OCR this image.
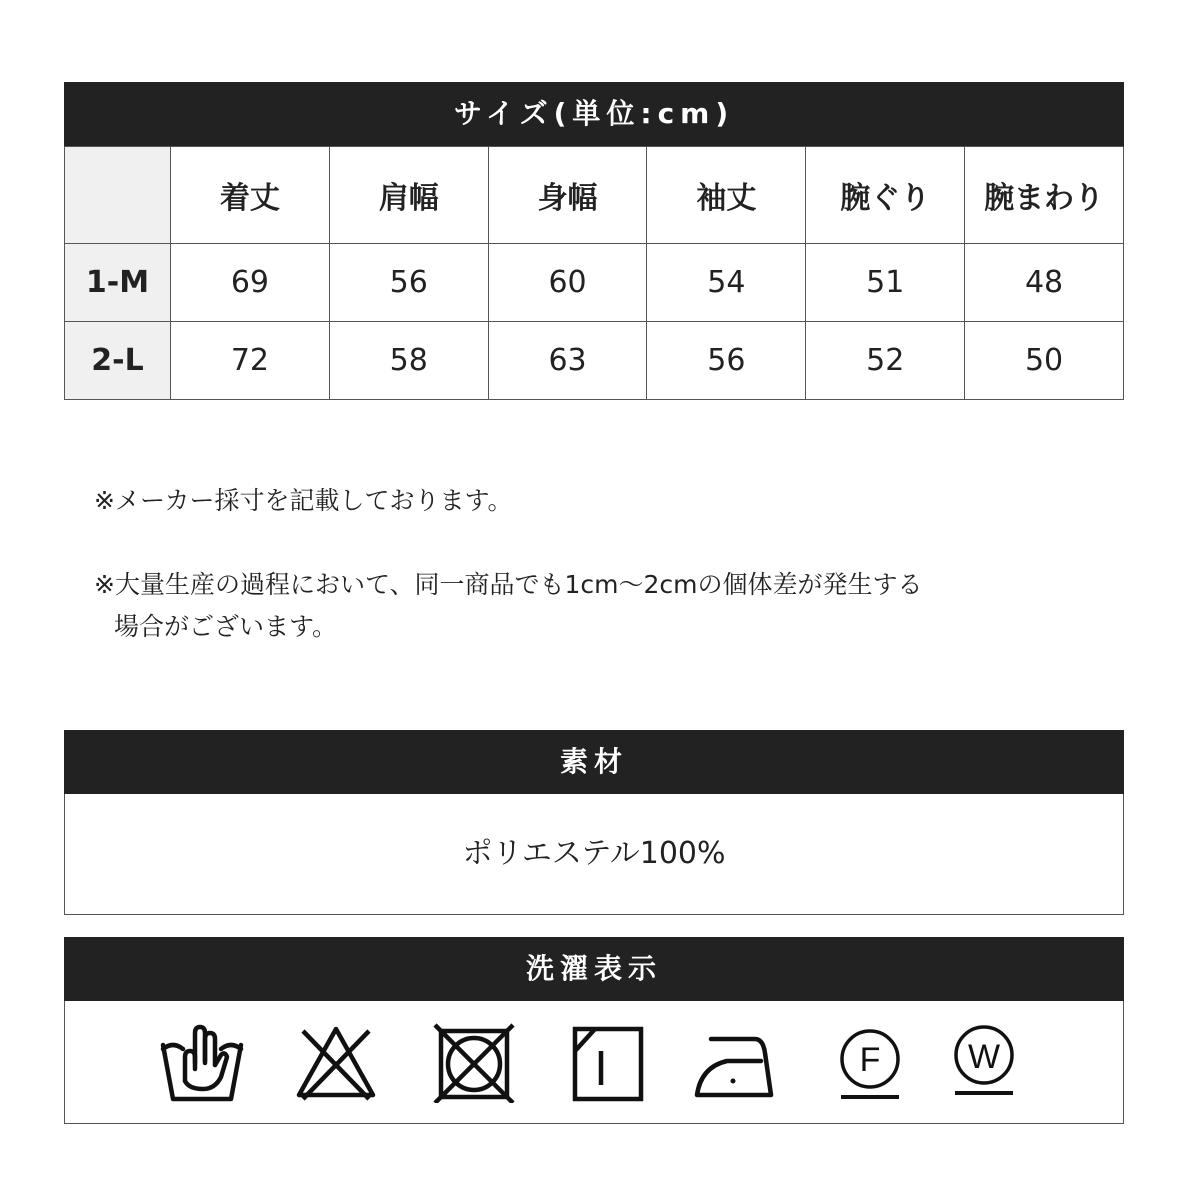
サイズ(単位:cm)
	着丈	肩幅	身幅	袖丈	腕ぐり	腕まわり
1-M	69	56	60	54	51	48
2-L	72	58	63	56	52	50
※メーカー採寸を記載しております。
※大量生産の過程において、同一商品でも1cm～2cmの個体差が発生する
場合がございます。
素材
ポリエステル100%
洗濯表示
F	W
